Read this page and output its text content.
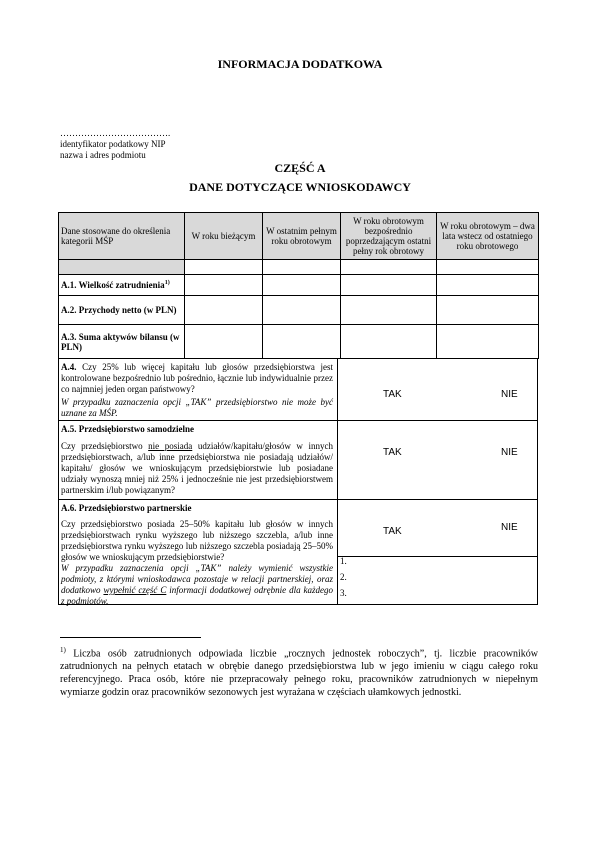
INFORMACJA DODATKOWA
……………………………….
identyfikator podatkowy NIP
nazwa i adres podmiotu
CZĘŚĆ A
DANE DOTYCZĄCE WNIOSKODAWCY
Dane stosowane do określenia kategorii MŚP	W roku bieżącym	W ostatnim pełnym roku obrotowym	W roku obrotowym bezpośrednio poprzedzającym ostatni pełny rok obrotowy	W roku obrotowym – dwa lata wstecz od ostatniego roku obrotowego

A.1. Wielkość zatrudnienia$^{1)}$				
A.2. Przychody netto (w PLN)				
A.3. Suma aktywów bilansu (w PLN)				
A.4. Czy 25% lub więcej kapitału lub głosów przedsiębiorstwa jest kontrolowane bezpośrednio lub pośrednio, łącznie lub indywidualnie przez co najmniej jeden organ państwowy?
W przypadku zaznaczenia opcji „TAK” przedsiębiorstwo nie może być uznane za MŚP.
TAK	NIE
A.5. Przedsiębiorstwo samodzielne
Czy przedsiębiorstwo nie posiada udziałów/kapitału/głosów w innych przedsiębiorstwach, a/lub inne przedsiębiorstwa nie posiadają udziałów/ kapitału/ głosów we wnioskującym przedsiębiorstwie lub posiadane udziały wynoszą mniej niż 25% i jednocześnie nie jest przedsiębiorstwem partnerskim i/lub powiązanym?
TAK	NIE
A.6. Przedsiębiorstwo partnerskie
Czy przedsiębiorstwo posiada 25–50% kapitału lub głosów w innych przedsiębiorstwach rynku wyższego lub niższego szczebla, a/lub inne przedsiębiorstwa rynku wyższego lub niższego szczebla posiadają 25–50% głosów we wnioskującym przedsiębiorstwie?
W przypadku zaznaczenia opcji „TAK” należy wymienić wszystkie podmioty, z którymi wnioskodawca pozostaje w relacji partnerskiej, oraz dodatkowo wypełnić część C informacji dodatkowej odrębnie dla każdego z podmiotów.
TAK	NIE
1.
2.
3.
$^{1)}$ Liczba osób zatrudnionych odpowiada liczbie „rocznych jednostek roboczych”, tj. liczbie pracowników zatrudnionych na pełnych etatach w obrębie danego przedsiębiorstwa lub w jego imieniu w ciągu całego roku referencyjnego. Praca osób, które nie przepracowały pełnego roku, pracowników zatrudnionych w niepełnym wymiarze godzin oraz pracowników sezonowych jest wyrażana w częściach ułamkowych jednostki.
